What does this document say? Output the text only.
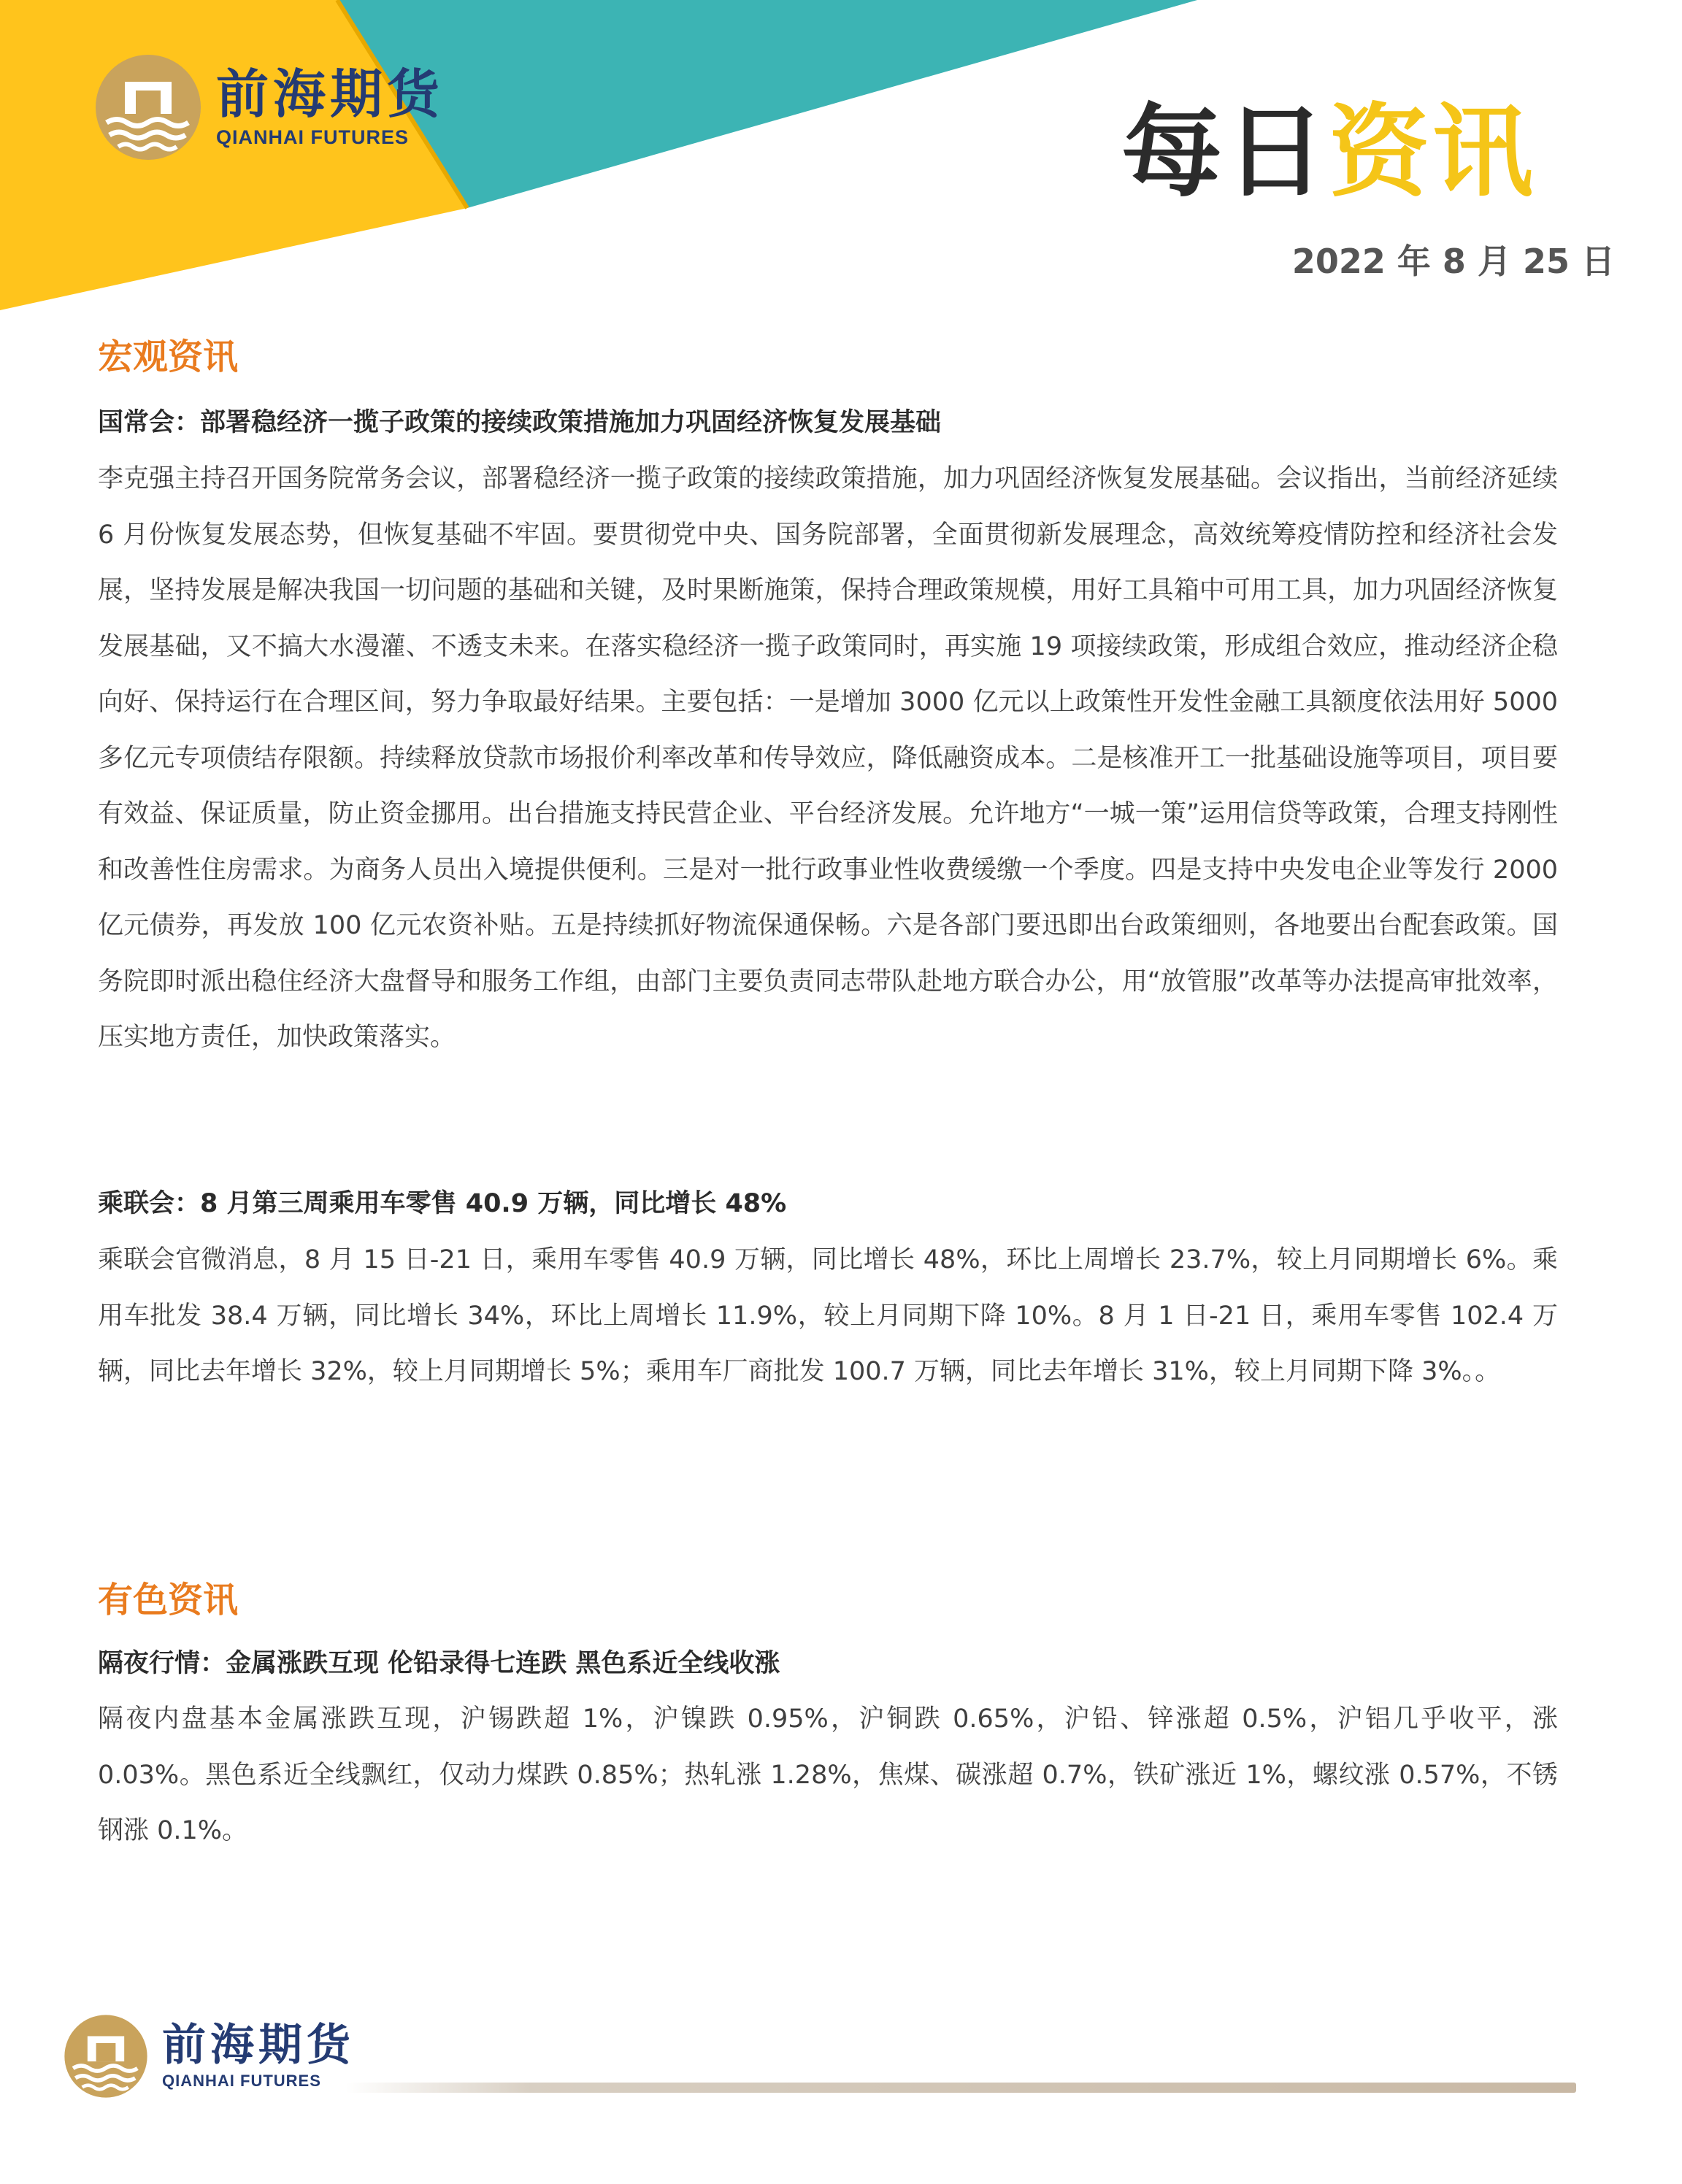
前海期货
QIANHAI FUTURES	每日资讯
2022 年 8 月 25 日
宏观资讯
国常会：部署稳经济一揽子政策的接续政策措施加力巩固经济恢复发展基础

李克强主持召开国务院常务会议，部署稳经济一揽子政策的接续政策措施，加力巩固经济恢复发展基础。会议指出，当前经济延续 6 月份恢复发展态势，但恢复基础不牢固。要贯彻党中央、国务院部署，全面贯彻新发展理念，高效统筹疫情防控和经济社会发展，坚持发展是解决我国一切问题的基础和关键，及时果断施策，保持合理政策规模，用好工具箱中可用工具，加力巩固经济恢复发展基础，又不搞大水漫灌、不透支未来。在落实稳经济一揽子政策同时，再实施 19 项接续政策，形成组合效应，推动经济企稳向好、保持运行在合理区间，努力争取最好结果。主要包括：一是增加 3000 亿元以上政策性开发性金融工具额度依法用好 5000 多亿元专项债结存限额。持续释放贷款市场报价利率改革和传导效应，降低融资成本。二是核准开工一批基础设施等项目，项目要有效益、保证质量，防止资金挪用。出台措施支持民营企业、平台经济发展。允许地方“一城一策”运用信贷等政策，合理支持刚性和改善性住房需求。为商务人员出入境提供便利。三是对一批行政事业性收费缓缴一个季度。四是支持中央发电企业等发行 2000 亿元债券，再发放 100 亿元农资补贴。五是持续抓好物流保通保畅。六是各部门要迅即出台政策细则，各地要出台配套政策。国务院即时派出稳住经济大盘督导和服务工作组，由部门主要负责同志带队赴地方联合办公，用“放管服”改革等办法提高审批效率，压实地方责任，加快政策落实。

乘联会：8 月第三周乘用车零售 40.9 万辆，同比增长 48%

乘联会官微消息，8 月 15 日-21 日，乘用车零售 40.9 万辆，同比增长 48%，环比上周增长 23.7%，较上月同期增长 6%。乘用车批发 38.4 万辆，同比增长 34%，环比上周增长 11.9%，较上月同期下降 10%。8 月 1 日-21 日，乘用车零售 102.4 万辆，同比去年增长 32%，较上月同期增长 5%；乘用车厂商批发 100.7 万辆，同比去年增长 31%，较上月同期下降 3%。。

有色资讯
隔夜行情：金属涨跌互现 伦铅录得七连跌 黑色系近全线收涨

隔夜内盘基本金属涨跌互现，沪锡跌超 1%，沪镍跌 0.95%，沪铜跌 0.65%，沪铅、锌涨超 0.5%，沪铝几乎收平，涨 0.03%。黑色系近全线飘红，仅动力煤跌 0.85%；热轧涨 1.28%，焦煤、碳涨超 0.7%，铁矿涨近 1%，螺纹涨 0.57%，不锈钢涨 0.1%。

前海期货
QIANHAI FUTURES
